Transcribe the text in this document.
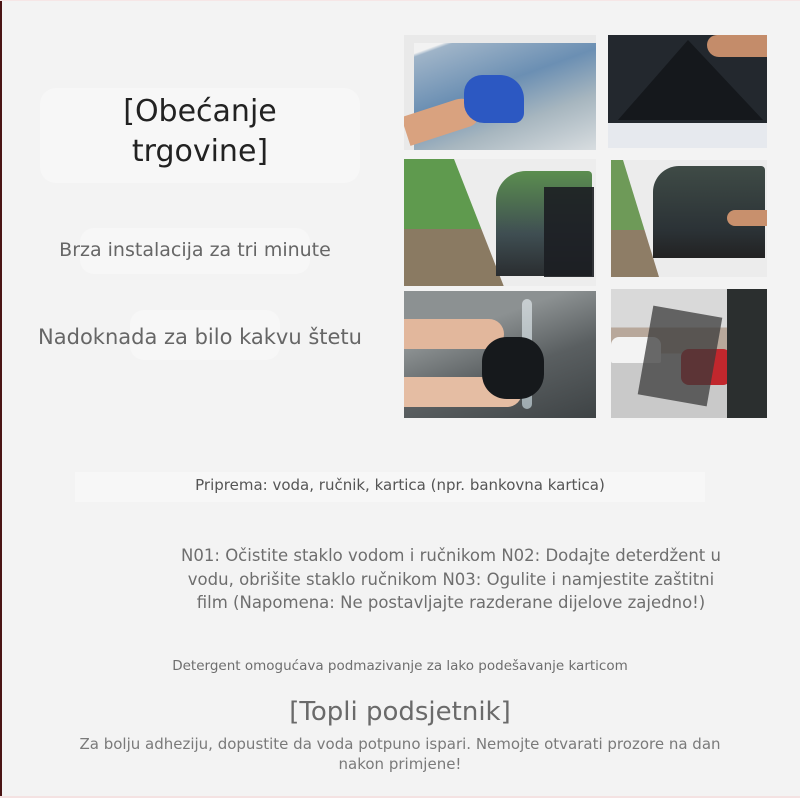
[Obećanje trgovine]
Brza instalacija za tri minute
Nadoknada za bilo kakvu štetu
Priprema: voda, ručnik, kartica (npr. bankovna kartica)
N01: Očistite staklo vodom i ručnikom N02: Dodajte deterdžent u vodu, obrišite staklo ručnikom N03: Ogulite i namjestite zaštitni film (Napomena: Ne postavljajte razderane dijelove zajedno!)
Detergent omogućava podmazivanje za lako podešavanje karticom
[Topli podsjetnik]
Za bolju adheziju, dopustite da voda potpuno ispari. Nemojte otvarati prozore na dan nakon primjene!
